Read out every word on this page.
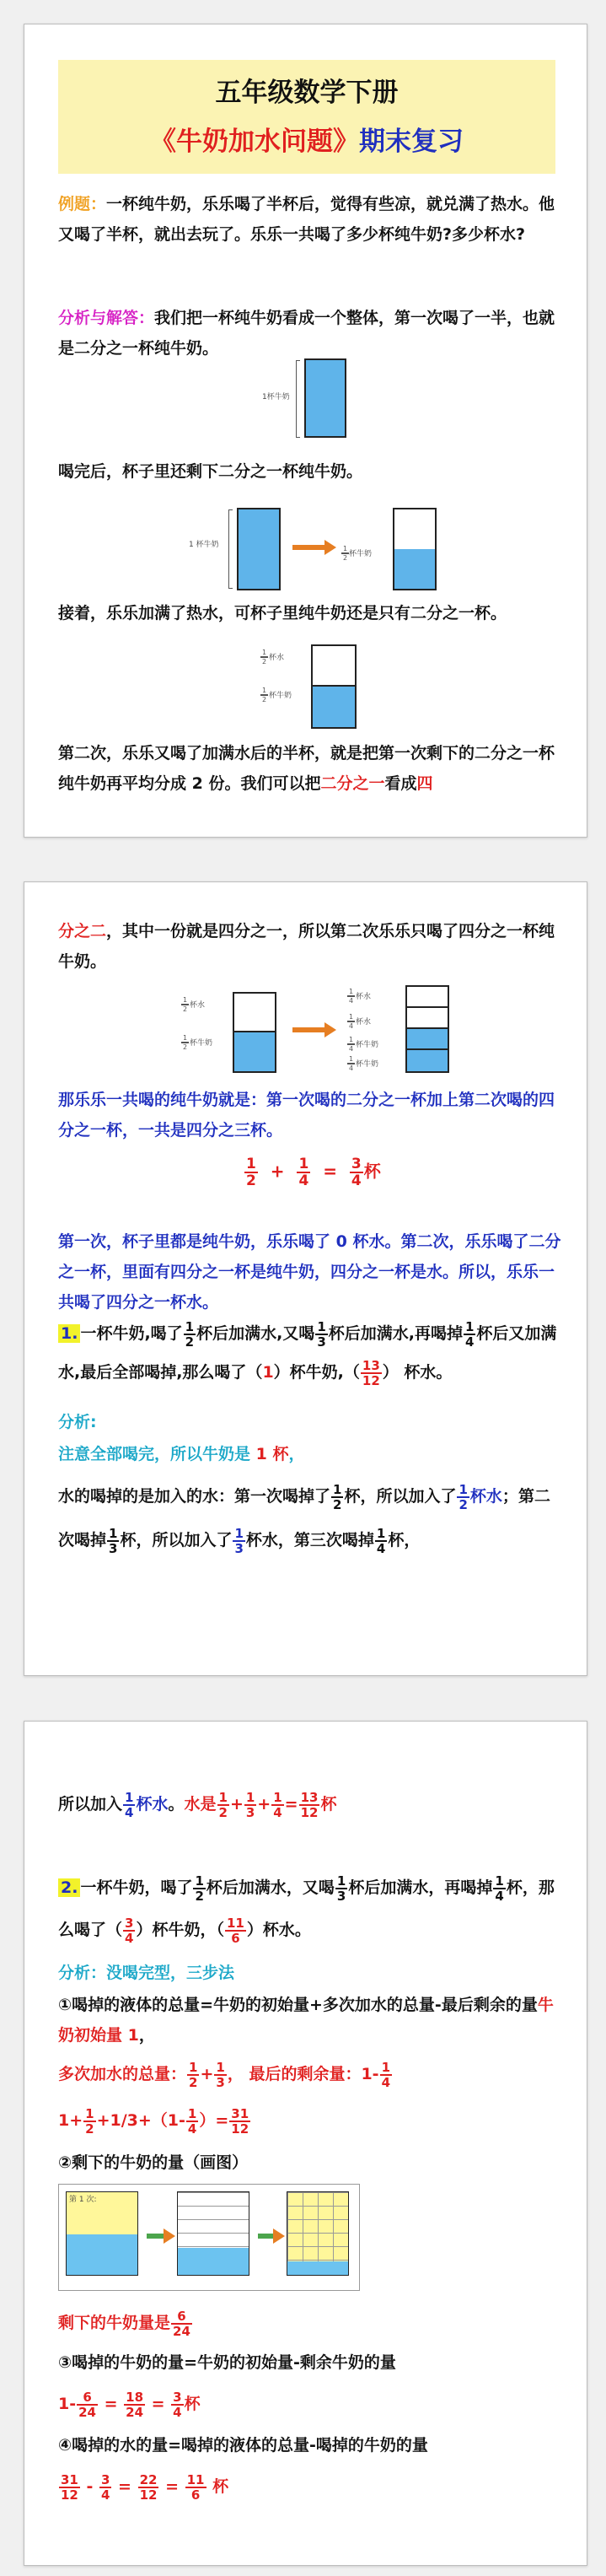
五年级数学下册
《牛奶加水问题》期末复习
例题：一杯纯牛奶，乐乐喝了半杯后，觉得有些凉，就兑满了热水。他又喝了半杯，就出去玩了。乐乐一共喝了多少杯纯牛奶?多少杯水?
分析与解答：我们把一杯纯牛奶看成一个整体，第一次喝了一半，也就是二分之一杯纯牛奶。
1杯牛奶
喝完后，杯子里还剩下二分之一杯纯牛奶。
1 杯牛奶	1
2 杯牛奶
接着，乐乐加满了热水，可杯子里纯牛奶还是只有二分之一杯。
1
2 杯水
1
2 杯牛奶
第二次，乐乐又喝了加满水后的半杯，就是把第一次剩下的二分之一杯纯牛奶再平均分成 2 份。我们可以把二分之一看成四
分之二，其中一份就是四分之一，所以第二次乐乐只喝了四分之一杯纯牛奶。
1
2 杯水
1
2 杯牛奶
1
4 杯水
1
4 杯水
1
4 杯牛奶
1
4 杯牛奶
那乐乐一共喝的纯牛奶就是：第一次喝的二分之一杯加上第二次喝的四分之一杯，一共是四分之三杯。
$\frac{1}{2} + \frac{1}{4} = \frac{3}{4}$ 杯
第一次，杯子里都是纯牛奶，乐乐喝了 0 杯水。第二次，乐乐喝了二分之一杯，里面有四分之一杯是纯牛奶，四分之一杯是水。所以，乐乐一共喝了四分之一杯水。
1. 一杯牛奶,喝了 $\frac{1}{2}$ 杯后加满水,又喝 $\frac{1}{3}$ 杯后加满水,再喝掉 $\frac{1}{4}$ 杯后又加满水,最后全部喝掉,那么喝了（1）杯牛奶,（ $\frac{13}{12}$ ） 杯水。
分析:
注意全部喝完，所以牛奶是 1 杯，
水的喝掉的是加入的水：第一次喝掉了 $\frac{1}{2}$ 杯，所以加入了 $\frac{1}{2}$ 杯水；第二次喝掉 $\frac{1}{3}$ 杯，所以加入了 $\frac{1}{3}$ 杯水，第三次喝掉 $\frac{1}{4}$ 杯，
所以加入 $\frac{1}{4}$ 杯水。水是 $\frac{1}{2} + \frac{1}{3} + \frac{1}{4} = \frac{13}{12}$ 杯
2. 一杯牛奶，喝了 $\frac{1}{2}$ 杯后加满水，又喝 $\frac{1}{3}$ 杯后加满水，再喝掉 $\frac{1}{4}$ 杯，那么喝了（ $\frac{3}{4}$ ）杯牛奶，（ $\frac{11}{6}$ ）杯水。
分析：没喝完型，三步法
①喝掉的液体的总量=牛奶的初始量+多次加水的总量-最后剩余的量牛奶初始量 1，
多次加水的总量： $\frac{1}{2} + \frac{1}{3}$ ， 最后的剩余量：$1- \frac{1}{4}$
$1+ \frac{1}{2} +1/3+(1- \frac{1}{4}$ ）= $\frac{31}{12}$
②剩下的牛奶的量（画图）
第 1 次:
剩下的牛奶量是 $\frac{6}{24}$
③喝掉的牛奶的量=牛奶的初始量-剩余牛奶的量
$1- \frac{6}{24} = \frac{18}{24} = \frac{3}{4}$ 杯
④喝掉的水的量=喝掉的液体的总量-喝掉的牛奶的量
$\frac{31}{12} - \frac{3}{4} = \frac{22}{12} = \frac{11}{6}$ 杯
